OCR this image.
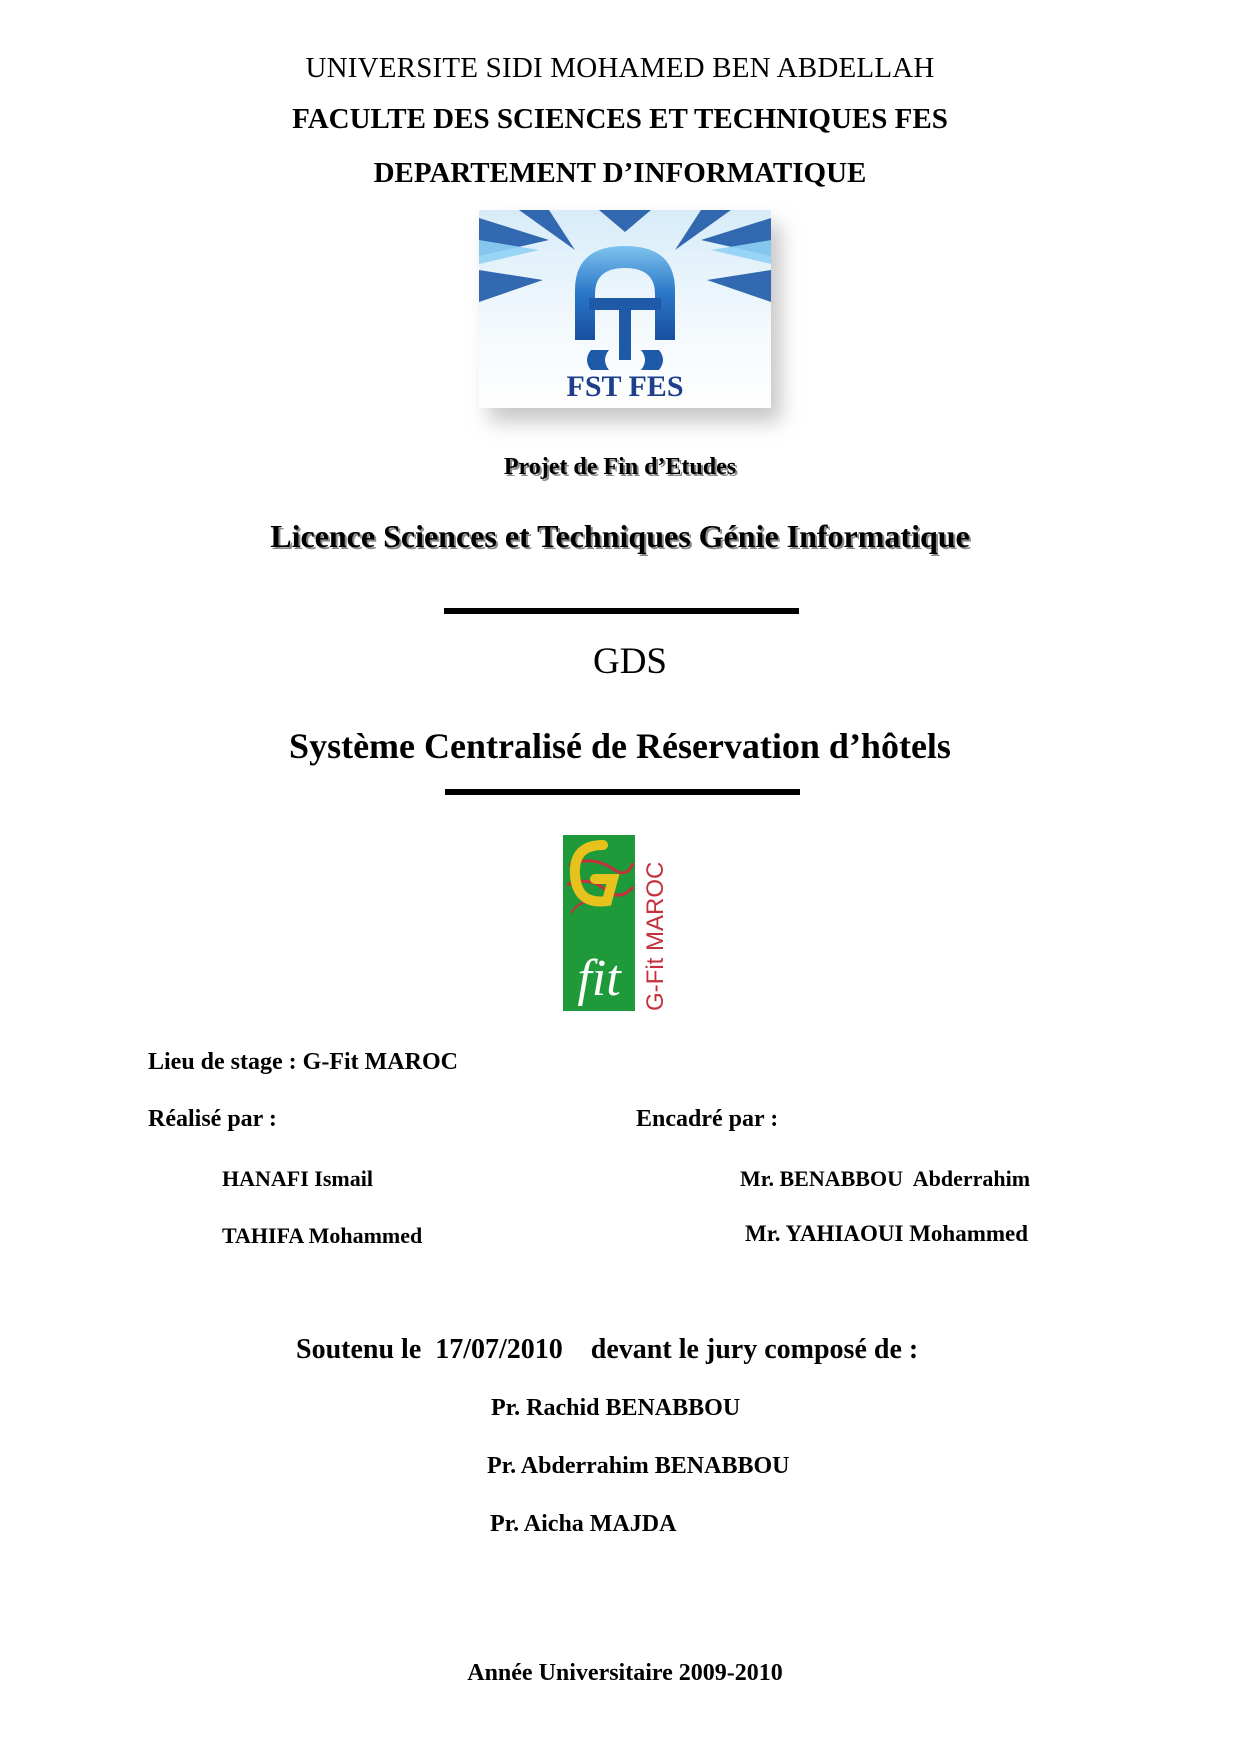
UNIVERSITE SIDI MOHAMED BEN ABDELLAH
FACULTE DES SCIENCES ET TECHNIQUES FES
DEPARTEMENT D’INFORMATIQUE
FST FES
Projet de Fin d’Etudes
Licence Sciences et Techniques Génie Informatique
GDS
Système Centralisé de Réservation d’hôtels
fit G-Fit MAROC
Lieu de stage : G-Fit MAROC
Réalisé par :	Encadré par :
HANAFI Ismail
TAHIFA Mohammed
Mr. BENABBOU  Abderrahim
Mr. YAHIAOUI Mohammed
Soutenu le  17/07/2010    devant le jury composé de :
Pr. Rachid BENABBOU
Pr. Abderrahim BENABBOU
Pr. Aicha MAJDA
Année Universitaire 2009-2010
